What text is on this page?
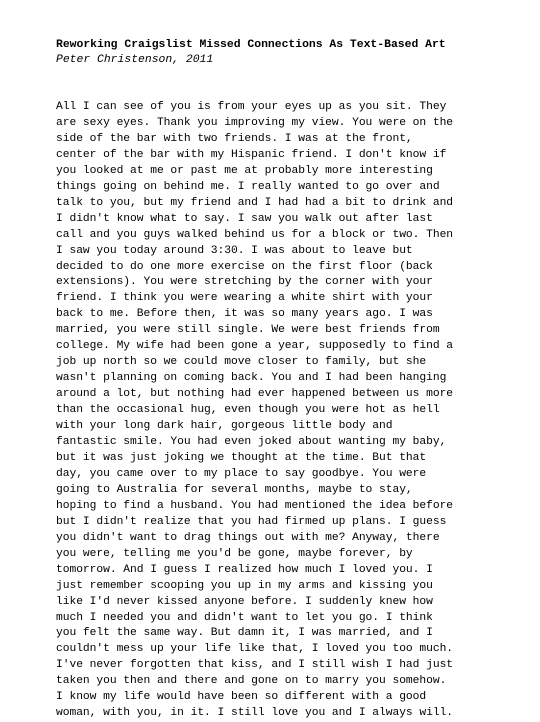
Reworking Craigslist Missed Connections As Text-Based Art

Peter Christenson, 2011

All I can see of you is from your eyes up as you sit. They
are sexy eyes. Thank you improving my view. You were on the
side of the bar with two friends. I was at the front,
center of the bar with my Hispanic friend. I don't know if
you looked at me or past me at probably more interesting
things going on behind me. I really wanted to go over and
talk to you, but my friend and I had had a bit to drink and
I didn't know what to say. I saw you walk out after last
call and you guys walked behind us for a block or two. Then
I saw you today around 3:30. I was about to leave but
decided to do one more exercise on the first floor (back
extensions). You were stretching by the corner with your
friend. I think you were wearing a white shirt with your
back to me. Before then, it was so many years ago. I was
married, you were still single. We were best friends from
college. My wife had been gone a year, supposedly to find a
job up north so we could move closer to family, but she
wasn't planning on coming back. You and I had been hanging
around a lot, but nothing had ever happened between us more
than the occasional hug, even though you were hot as hell
with your long dark hair, gorgeous little body and
fantastic smile. You had even joked about wanting my baby,
but it was just joking we thought at the time. But that
day, you came over to my place to say goodbye. You were
going to Australia for several months, maybe to stay,
hoping to find a husband. You had mentioned the idea before
but I didn't realize that you had firmed up plans. I guess
you didn't want to drag things out with me? Anyway, there
you were, telling me you'd be gone, maybe forever, by
tomorrow. And I guess I realized how much I loved you. I
just remember scooping you up in my arms and kissing you
like I'd never kissed anyone before. I suddenly knew how
much I needed you and didn't want to let you go. I think
you felt the same way. But damn it, I was married, and I
couldn't mess up your life like that, I loved you too much.
I've never forgotten that kiss, and I still wish I had just
taken you then and there and gone on to marry you somehow.
I know my life would have been so different with a good
woman, with you, in it. I still love you and I always will.
